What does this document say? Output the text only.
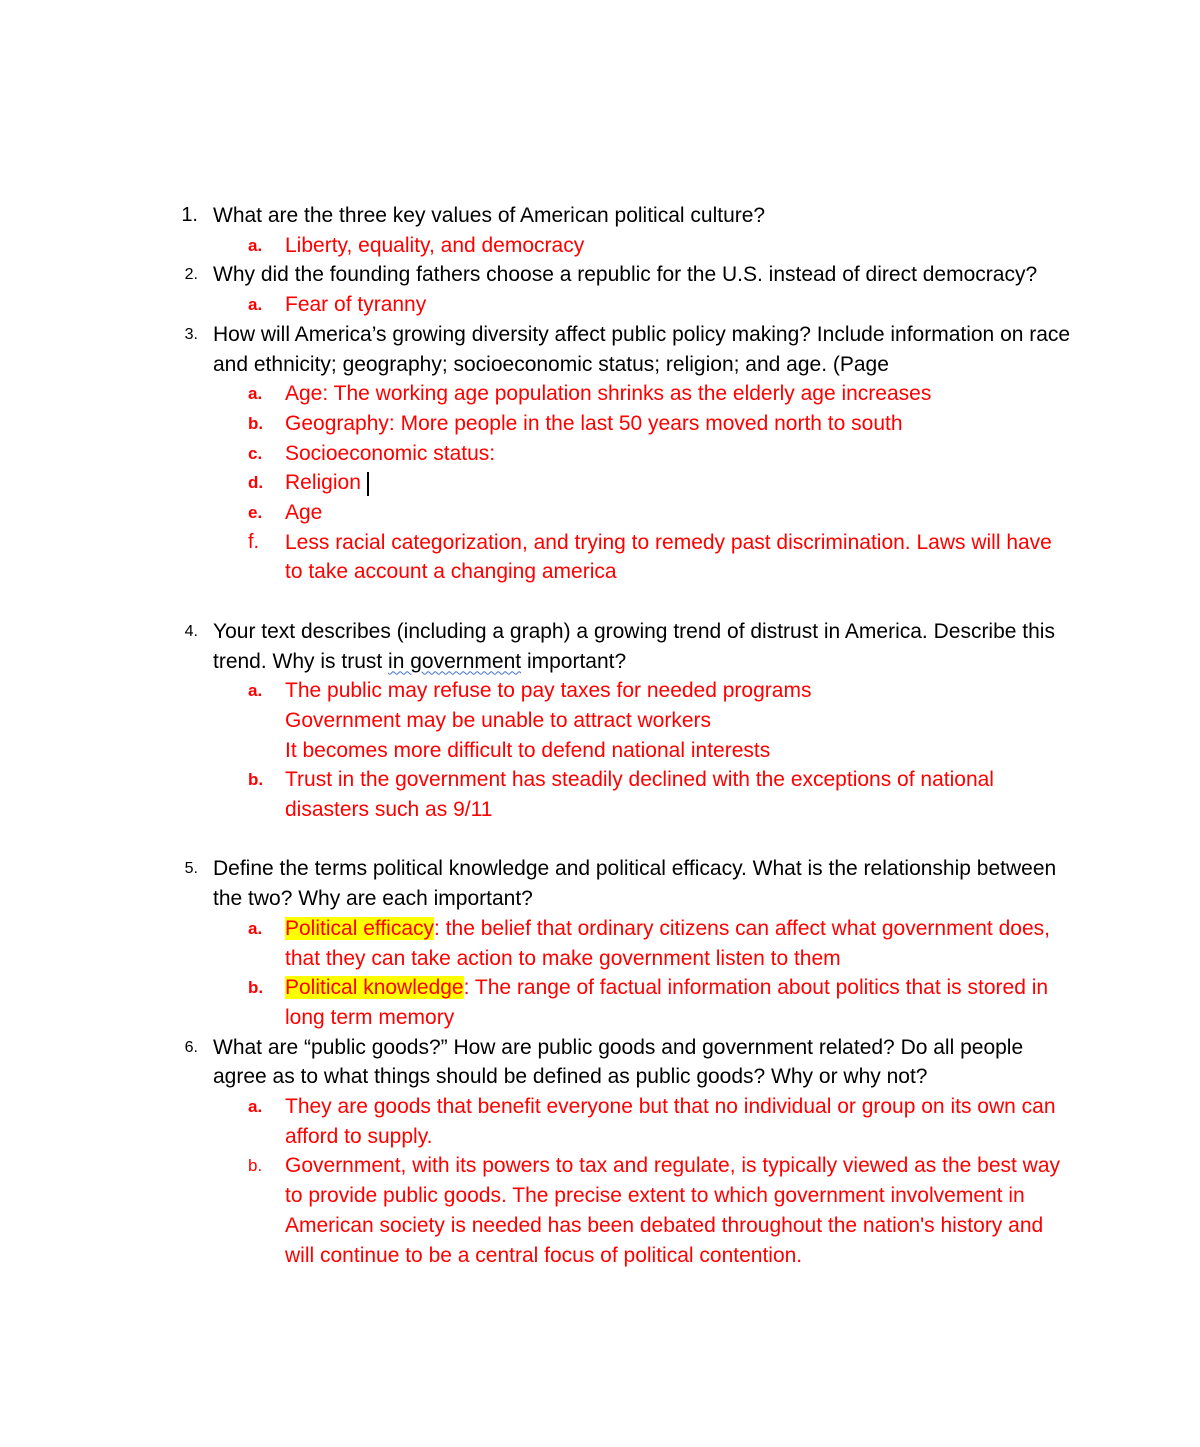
1. What are the three key values of American political culture?
a. Liberty, equality, and democracy
2. Why did the founding fathers choose a republic for the U.S. instead of direct democracy?
a. Fear of tyranny
3. How will America’s growing diversity affect public policy making? Include information on race and ethnicity; geography; socioeconomic status; religion; and age. (Page
a. Age: The working age population shrinks as the elderly age increases
b. Geography: More people in the last 50 years moved north to south
c. Socioeconomic status:
d. Religion
e. Age
f. Less racial categorization, and trying to remedy past discrimination. Laws will have to take account a changing america
4. Your text describes (including a graph) a growing trend of distrust in America. Describe this trend. Why is trust in government important?
a. The public may refuse to pay taxes for needed programs
Government may be unable to attract workers
It becomes more difficult to defend national interests
b. Trust in the government has steadily declined with the exceptions of national disasters such as 9/11
5. Define the terms political knowledge and political efficacy. What is the relationship between the two? Why are each important?
a. Political efficacy: the belief that ordinary citizens can affect what government does, that they can take action to make government listen to them
b. Political knowledge: The range of factual information about politics that is stored in long term memory
6. What are “public goods?” How are public goods and government related? Do all people agree as to what things should be defined as public goods? Why or why not?
a. They are goods that benefit everyone but that no individual or group on its own can afford to supply.
b. Government, with its powers to tax and regulate, is typically viewed as the best way to provide public goods. The precise extent to which government involvement in American society is needed has been debated throughout the nation's history and will continue to be a central focus of political contention.
